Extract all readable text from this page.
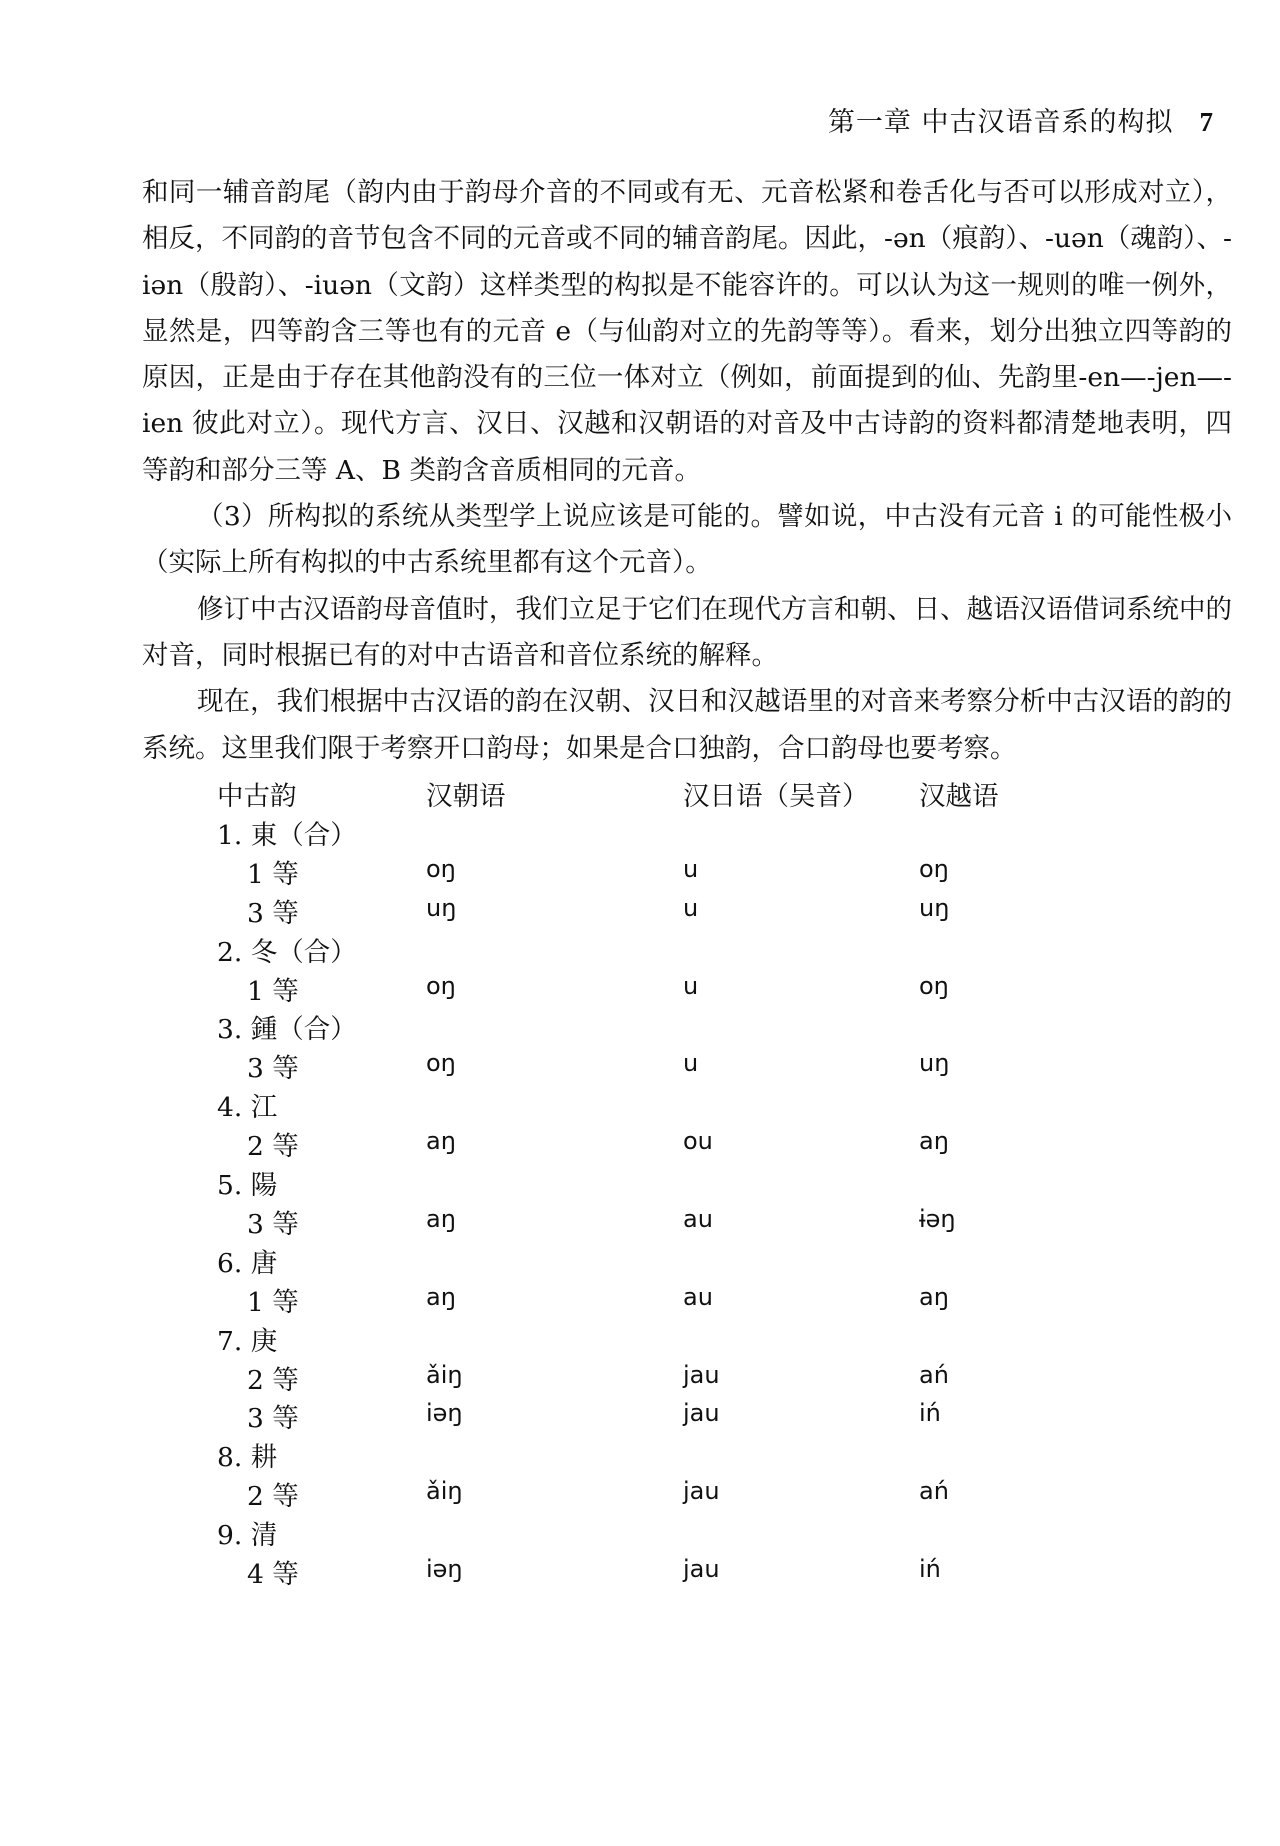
第一章 中古汉语音系的构拟 7

和同一辅音韵尾（韵内由于韵母介音的不同或有无、元音松紧和卷舌化与否可以形成对立），相反，不同韵的音节包含不同的元音或不同的辅音韵尾。因此，-ən（痕韵）、-uən（魂韵）、-iən（殷韵）、-iuən（文韵）这样类型的构拟是不能容许的。可以认为这一规则的唯一例外，显然是，四等韵含三等也有的元音 e（与仙韵对立的先韵等等）。看来，划分出独立四等韵的原因，正是由于存在其他韵没有的三位一体对立（例如，前面提到的仙、先韵里-en—-jen—-ien 彼此对立）。现代方言、汉日、汉越和汉朝语的对音及中古诗韵的资料都清楚地表明，四等韵和部分三等 A、B 类韵含音质相同的元音。

（3）所构拟的系统从类型学上说应该是可能的。譬如说，中古没有元音 i 的可能性极小（实际上所有构拟的中古系统里都有这个元音）。

修订中古汉语韵母音值时，我们立足于它们在现代方言和朝、日、越语汉语借词系统中的对音，同时根据已有的对中古语音和音位系统的解释。

现在，我们根据中古汉语的韵在汉朝、汉日和汉越语里的对音来考察分析中古汉语的韵的系统。这里我们限于考察开口韵母；如果是合口独韵，合口韵母也要考察。

中古韵	汉朝语	汉日语（吴音） 汉越语
1. 東（合）
1 等	oŋ	u	oŋ
3 等	uŋ	u	uŋ
2. 冬（合）
1 等	oŋ	u	oŋ
3. 鍾（合）
3 等	oŋ	u	uŋ
4. 江
2 等	aŋ	ou	aŋ
5. 陽
3 等	aŋ	au	ɨəŋ
6. 唐
1 等	aŋ	au	aŋ
7. 庚
2 等	ǎiŋ	jau	ań
3 等	iəŋ	jau	iń
8. 耕
2 等	ǎiŋ	jau	ań
9. 清
4 等	iəŋ	jau	iń
